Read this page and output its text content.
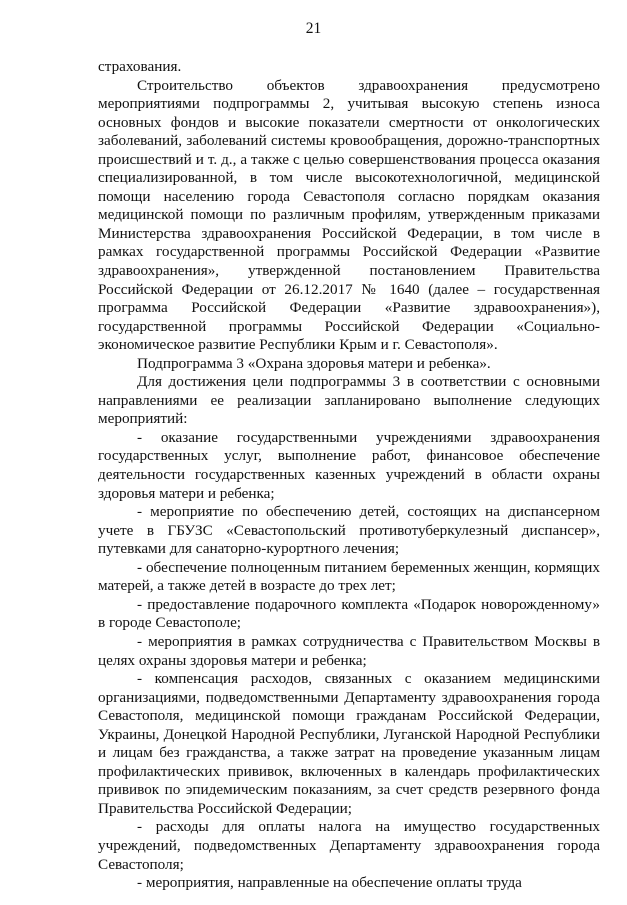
21

страхования.

Строительство объектов здравоохранения предусмотрено мероприятиями подпрограммы 2, учитывая высокую степень износа основных фондов и высокие показатели смертности от онкологических заболеваний, заболеваний системы кровообращения, дорожно-транспортных происшествий и т. д., а также с целью совершенствования процесса оказания специализированной, в том числе высокотехнологичной, медицинской помощи населению города Севастополя согласно порядкам оказания медицинской помощи по различным профилям, утвержденным приказами Министерства здравоохранения Российской Федерации, в том числе в рамках государственной программы Российской Федерации «Развитие здравоохранения», утвержденной постановлением Правительства Российской Федерации от 26.12.2017 № 1640 (далее – государственная программа Российской Федерации «Развитие здравоохранения»), государственной программы Российской Федерации «Социально-экономическое развитие Республики Крым и г. Севастополя».

Подпрограмма 3 «Охрана здоровья матери и ребенка».

Для достижения цели подпрограммы 3 в соответствии с основными направлениями ее реализации запланировано выполнение следующих мероприятий:

- оказание государственными учреждениями здравоохранения государственных услуг, выполнение работ, финансовое обеспечение деятельности государственных казенных учреждений в области охраны здоровья матери и ребенка;

- мероприятие по обеспечению детей, состоящих на диспансерном учете в ГБУЗС «Севастопольский противотуберкулезный диспансер», путевками для санаторно-курортного лечения;

- обеспечение полноценным питанием беременных женщин, кормящих матерей, а также детей в возрасте до трех лет;

- предоставление подарочного комплекта «Подарок новорожденному» в городе Севастополе;

- мероприятия в рамках сотрудничества с Правительством Москвы в целях охраны здоровья матери и ребенка;

- компенсация расходов, связанных с оказанием медицинскими организациями, подведомственными Департаменту здравоохранения города Севастополя, медицинской помощи гражданам Российской Федерации, Украины, Донецкой Народной Республики, Луганской Народной Республики и лицам без гражданства, а также затрат на проведение указанным лицам профилактических прививок, включенных в календарь профилактических прививок по эпидемическим показаниям, за счет средств резервного фонда Правительства Российской Федерации;

- расходы для оплаты налога на имущество государственных учреждений, подведомственных Департаменту здравоохранения города Севастополя;

- мероприятия, направленные на обеспечение оплаты труда
